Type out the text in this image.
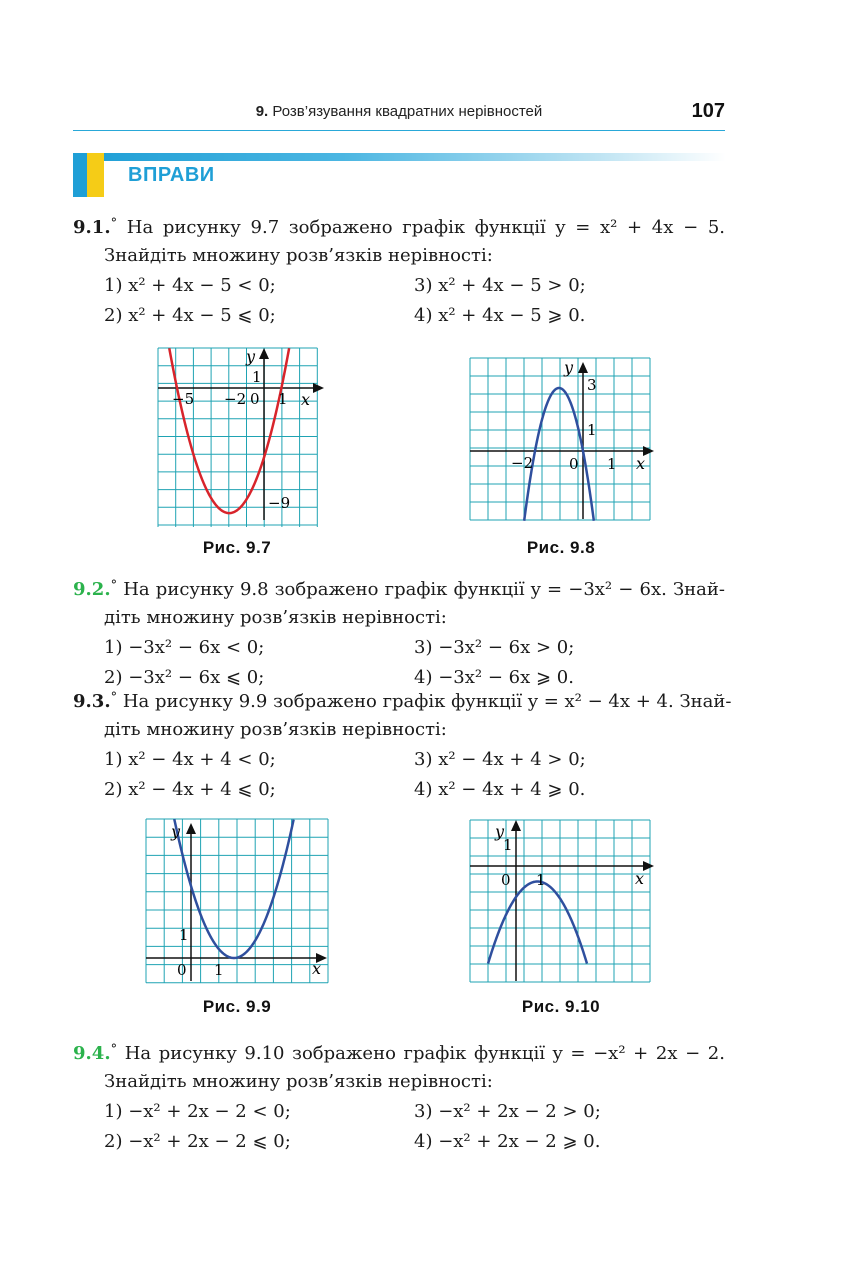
9. Розв’язування квадратних нерівностей	107
ВПРАВИ
9.1.° На рисунку 9.7 зображено графік функції y = x² + 4x − 5.
Знайдіть множину розв’язків нерівності:
1) x² + 4x − 5 < 0;	3) x² + 4x − 5 > 0;
2) x² + 4x − 5 ⩽ 0;	4) x² + 4x − 5 ⩾ 0.
y
1
−5 −2 0 1 x
−9
Рис. 9.7
y
3
1
−2 0 1 x
Рис. 9.8
9.2.° На рисунку 9.8 зображено графік функції y = −3x² − 6x. Знай-
діть множину розв’язків нерівності:
1) −3x² − 6x < 0;	3) −3x² − 6x > 0;
2) −3x² − 6x ⩽ 0;	4) −3x² − 6x ⩾ 0.
9.3.° На рисунку 9.9 зображено графік функції y = x² − 4x + 4. Знай-
діть множину розв’язків нерівності:
1) x² − 4x + 4 < 0;	3) x² − 4x + 4 > 0;
2) x² − 4x + 4 ⩽ 0;	4) x² − 4x + 4 ⩾ 0.
y
1
0 1	x
Рис. 9.9
y
1
0 1	x
Рис. 9.10
9.4.° На рисунку 9.10 зображено графік функції y = −x² + 2x − 2.
Знайдіть множину розв’язків нерівності:
1) −x² + 2x − 2 < 0;	3) −x² + 2x − 2 > 0;
2) −x² + 2x − 2 ⩽ 0;	4) −x² + 2x − 2 ⩾ 0.
